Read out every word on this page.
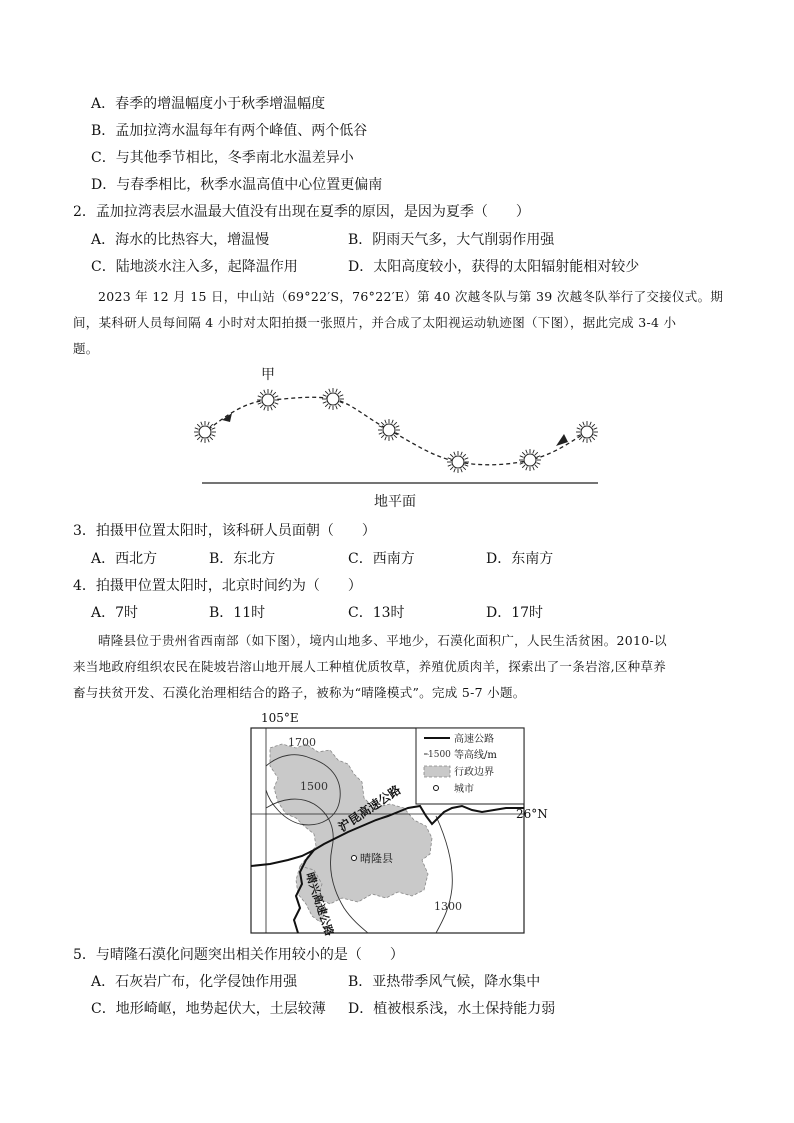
A．春季的增温幅度小于秋季增温幅度
B．孟加拉湾水温每年有两个峰值、两个低谷
C．与其他季节相比，冬季南北水温差异小
D．与春季相比，秋季水温高值中心位置更偏南
2．孟加拉湾表层水温最大值没有出现在夏季的原因，是因为夏季（　　）
A．海水的比热容大，增温慢	B．阴雨天气多，大气削弱作用强
C．陆地淡水注入多，起降温作用	D．太阳高度较小，获得的太阳辐射能相对较少
2023 年 12 月 15 日，中山站（69°22′S，76°22′E）第 40 次越冬队与第 39 次越冬队举行了交接仪式。期
间，某科研人员每间隔 4 小时对太阳拍摄一张照片，并合成了太阳视运动轨迹图（下图），据此完成 3-4 小
题。
甲
地平面
3．拍摄甲位置太阳时，该科研人员面朝（　　）
A．西北方	B．东北方	C．西南方	D．东南方
4．拍摄甲位置太阳时，北京时间约为（　　）
A．7时	B．11时	C．13时	D．17时
晴隆县位于贵州省西南部（如下图），境内山地多、平地少，石漠化面积广，人民生活贫困。2010-以
来当地政府组织农民在陡坡岩溶山地开展人工种植优质牧草，养殖优质肉羊，探索出了一条岩溶,区种草养
畜与扶贫开发、石漠化治理相结合的路子，被称为“晴隆模式”。完成 5-7 小题。
105°E
26°N
1700
1500
1300
沪昆高速公路
晴兴高速公路
晴隆县
高速公路
1500 等高线/m
行政边界
城市
5．与晴隆石漠化问题突出相关作用较小的是（　　）
A．石灰岩广布，化学侵蚀作用强	B．亚热带季风气候，降水集中
C．地形崎岖，地势起伏大，土层较薄 D．植被根系浅，水土保持能力弱
